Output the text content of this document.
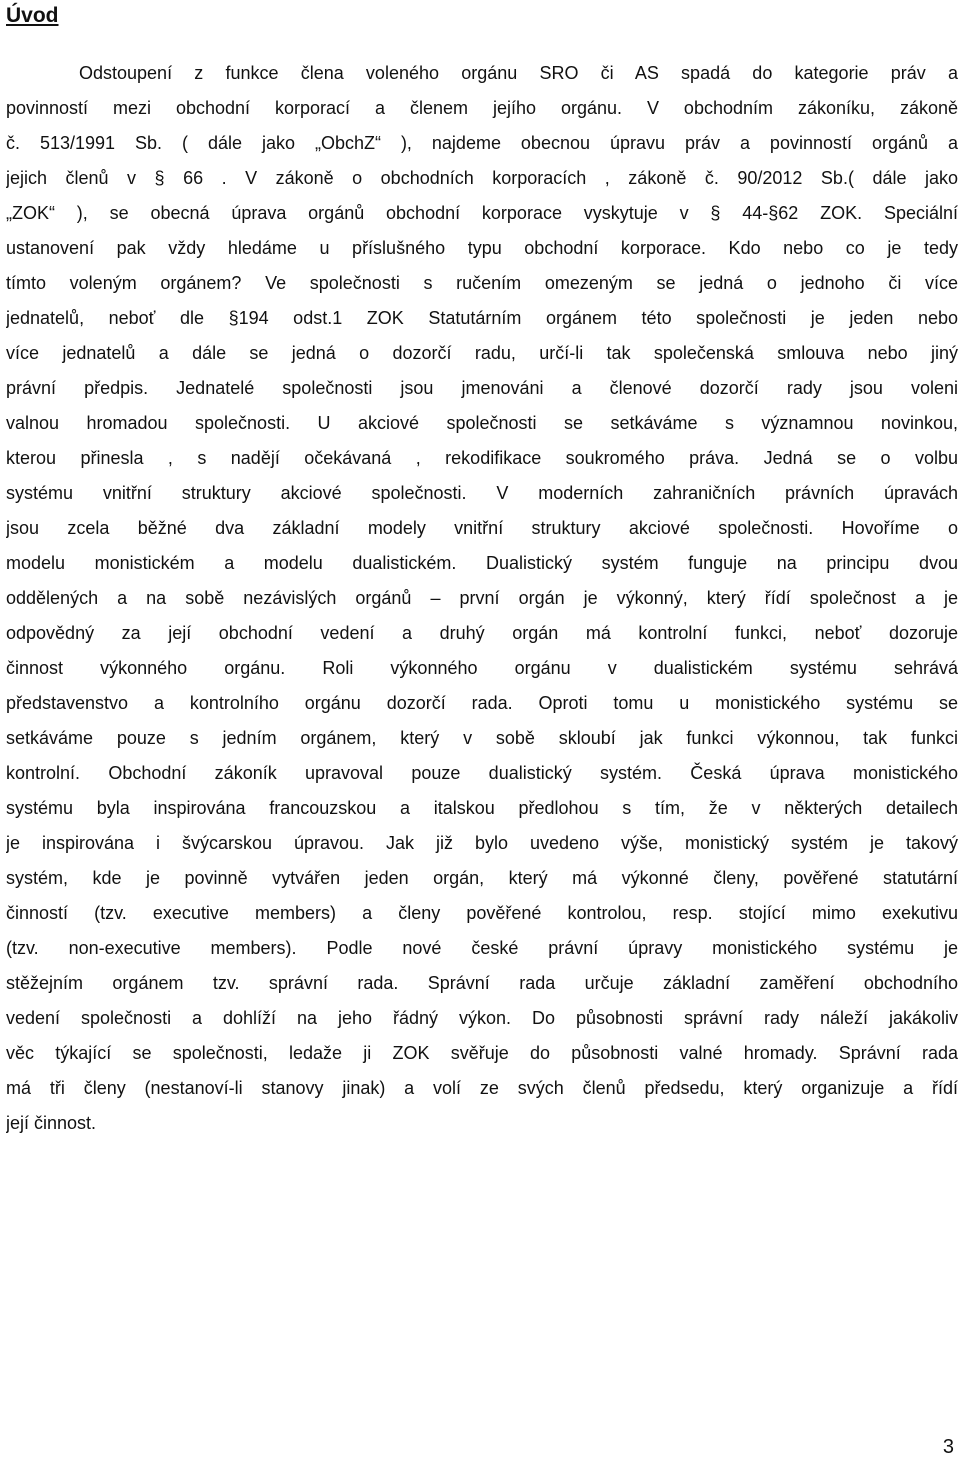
Úvod
Odstoupení z funkce člena voleného orgánu SRO či AS spadá do kategorie práv a
povinností mezi obchodní korporací a členem jejího orgánu. V obchodním zákoníku, zákoně
č. 513/1991 Sb. ( dále jako „ObchZ“ ), najdeme obecnou úpravu práv a povinností orgánů a
jejich členů v § 66 . V zákoně o obchodních korporacích , zákoně č. 90/2012 Sb.( dále jako
„ZOK“ ), se obecná úprava orgánů obchodní korporace vyskytuje v § 44-§62 ZOK. Speciální
ustanovení pak vždy hledáme u příslušného typu obchodní korporace. Kdo nebo co je tedy
tímto voleným orgánem? Ve společnosti s ručením omezeným se jedná o jednoho či více
jednatelů, neboť dle §194 odst.1 ZOK Statutárním orgánem této společnosti je jeden nebo
více jednatelů a dále se jedná o dozorčí radu, určí-li tak společenská smlouva nebo jiný
právní předpis. Jednatelé společnosti jsou jmenováni a členové dozorčí rady jsou voleni
valnou hromadou společnosti. U akciové společnosti se setkáváme s významnou novinkou,
kterou přinesla , s nadějí očekávaná , rekodifikace soukromého práva. Jedná se o volbu
systému vnitřní struktury akciové společnosti. V moderních zahraničních právních úpravách
jsou zcela běžné dva základní modely vnitřní struktury akciové společnosti. Hovoříme o
modelu monistickém a modelu dualistickém. Dualistický systém funguje na principu dvou
oddělených a na sobě nezávislých orgánů – první orgán je výkonný, který řídí společnost a je
odpovědný za její obchodní vedení a druhý orgán má kontrolní funkci, neboť dozoruje
činnost výkonného orgánu. Roli výkonného orgánu v dualistickém systému sehrává
představenstvo a kontrolního orgánu dozorčí rada. Oproti tomu u monistického systému se
setkáváme pouze s jedním orgánem, který v sobě skloubí jak funkci výkonnou, tak funkci
kontrolní. Obchodní zákoník upravoval pouze dualistický systém. Česká úprava monistického
systému byla inspirována francouzskou a italskou předlohou s tím, že v některých detailech
je inspirována i švýcarskou úpravou. Jak již bylo uvedeno výše, monistický systém je takový
systém, kde je povinně vytvářen jeden orgán, který má výkonné členy, pověřené statutární
činností (tzv. executive members) a členy pověřené kontrolou, resp. stojící mimo exekutivu
(tzv. non-executive members). Podle nové české právní úpravy monistického systému je
stěžejním orgánem tzv. správní rada. Správní rada určuje základní zaměření obchodního
vedení společnosti a dohlíží na jeho řádný výkon. Do působnosti správní rady náleží jakákoliv
věc týkající se společnosti, ledaže ji ZOK svěřuje do působnosti valné hromady. Správní rada
má tři členy (nestanoví-li stanovy jinak) a volí ze svých členů předsedu, který organizuje a řídí
její činnost.
3
